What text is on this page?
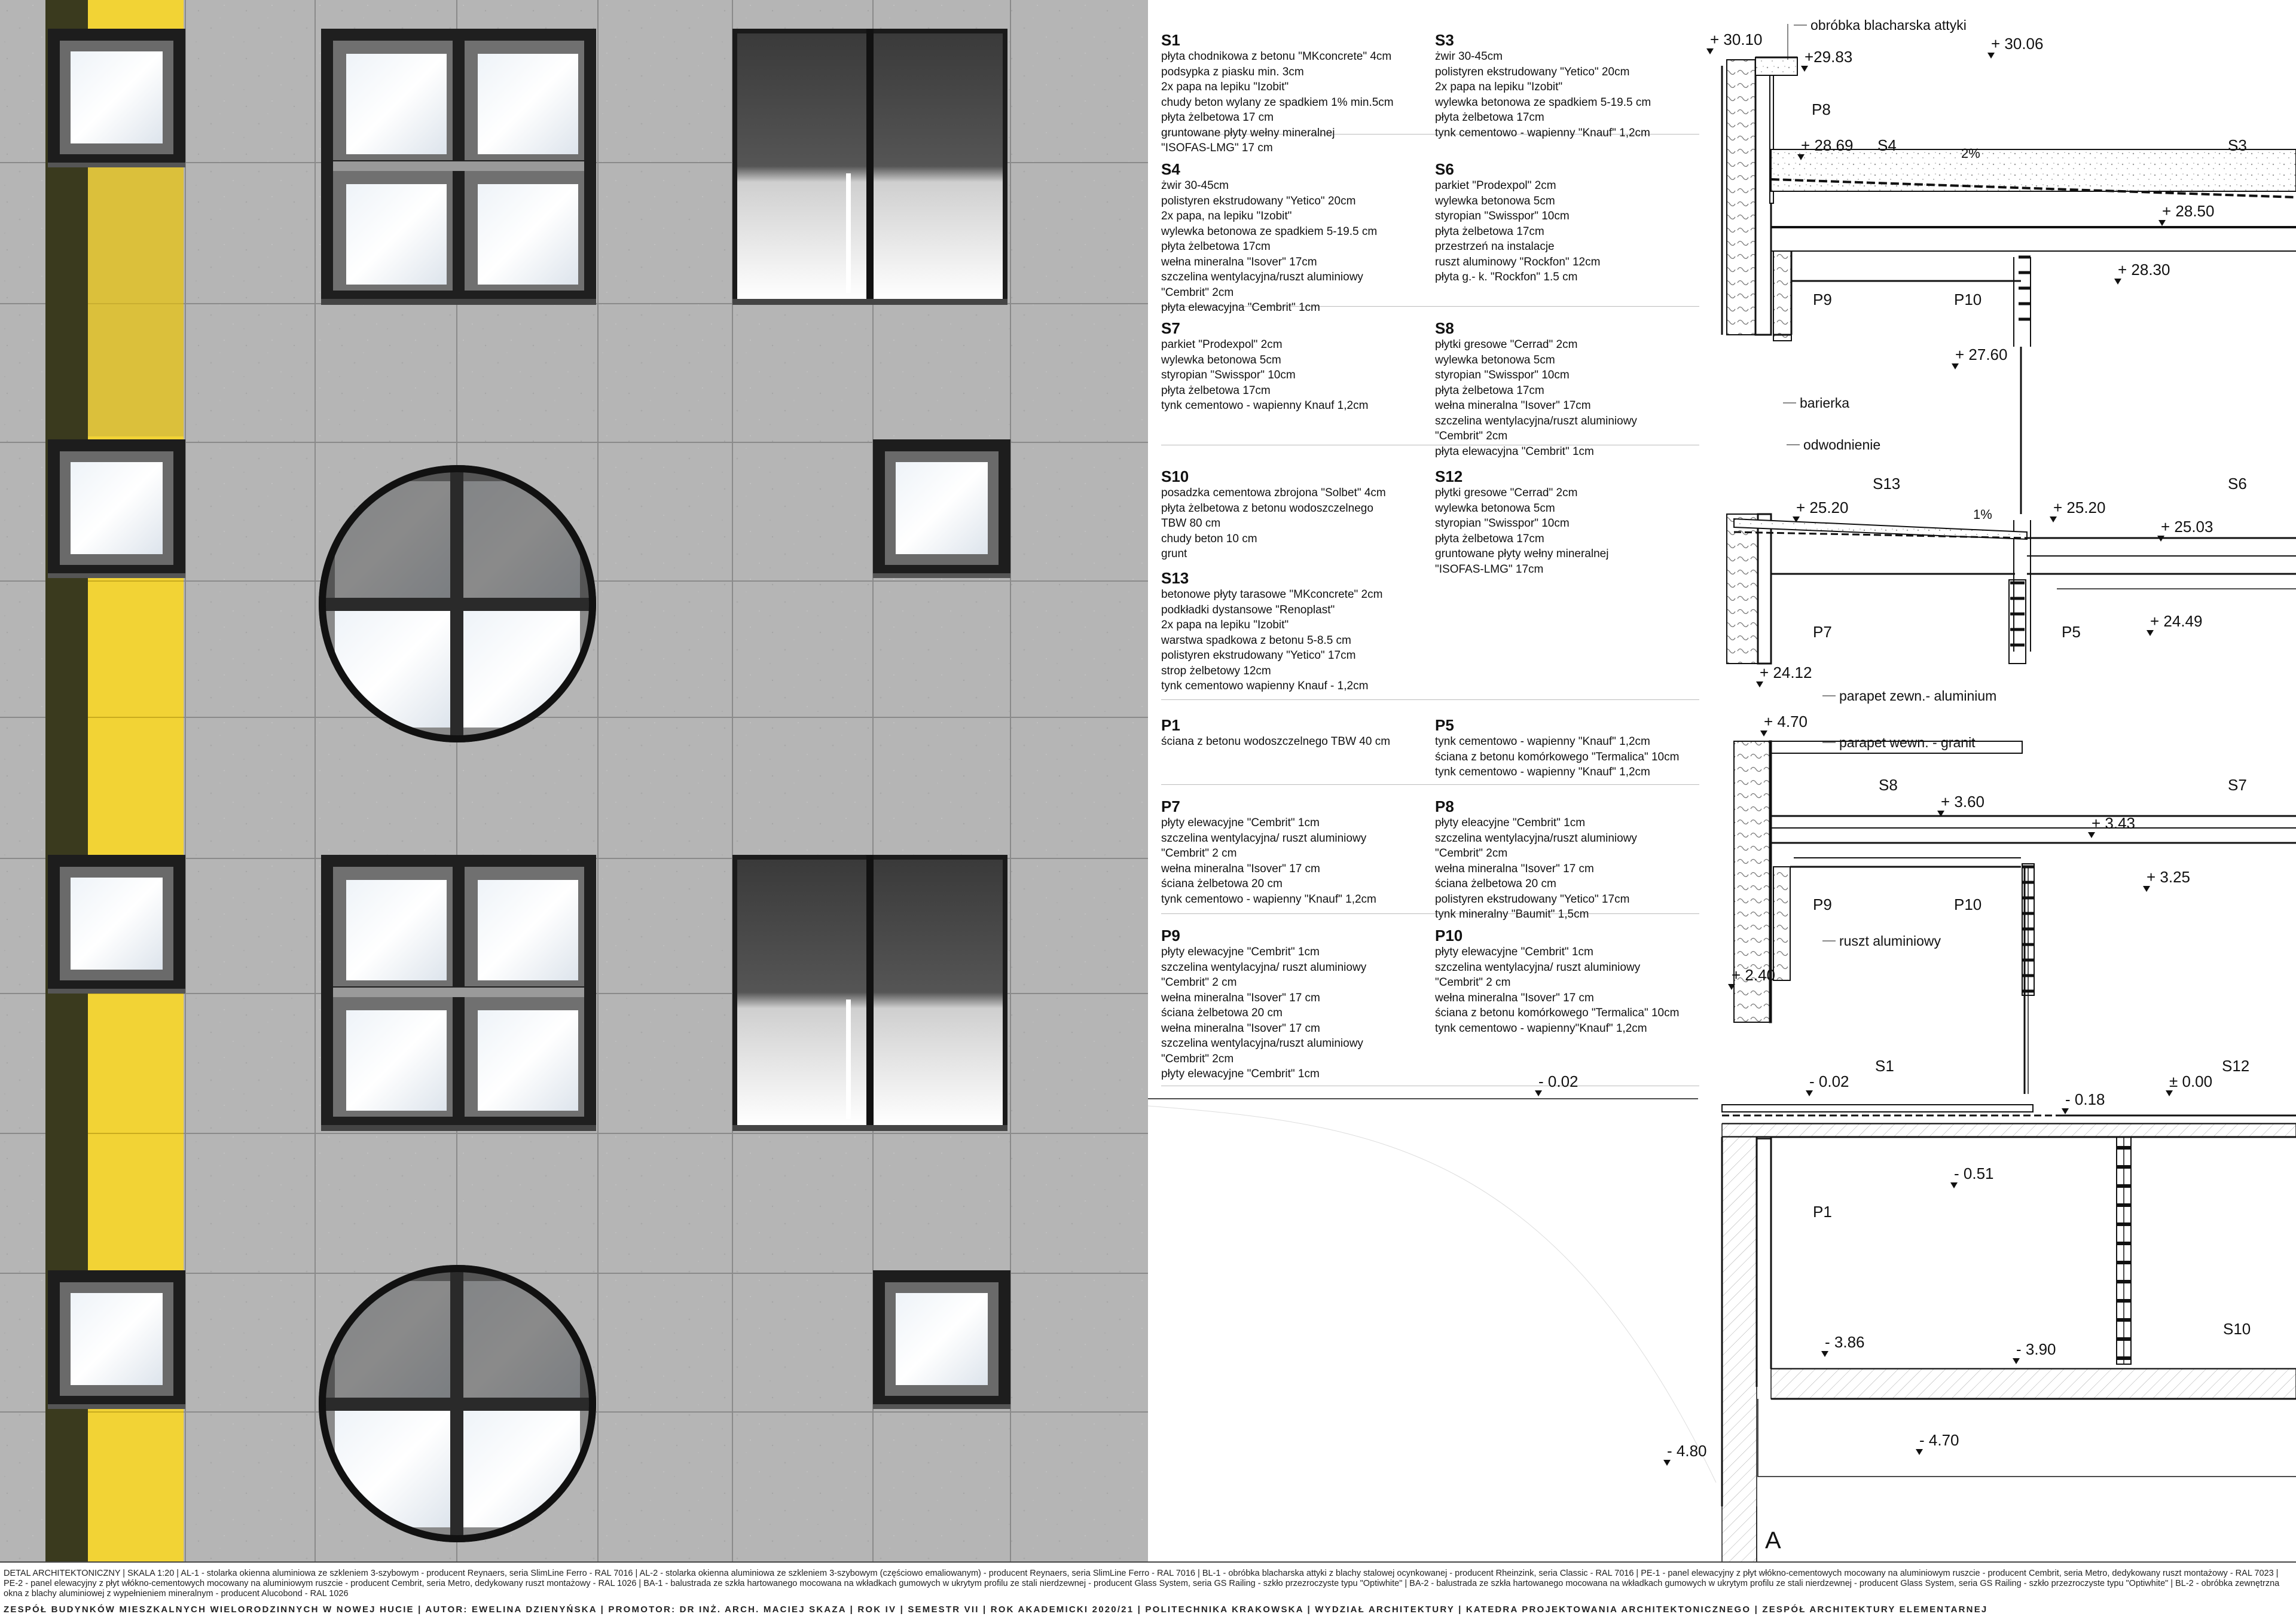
S1
płyta chodnikowa z betonu "MKconcrete" 4cm
podsypka z piasku min. 3cm
2x papa na lepiku "Izobit"
chudy beton wylany ze spadkiem 1% min.5cm
płyta żelbetowa 17 cm
gruntowane płyty wełny mineralnej
"ISOFAS-LMG" 17 cm
S3
żwir 30-45cm
polistyren ekstrudowany "Yetico" 20cm
2x papa na lepiku "Izobit"
wylewka betonowa ze spadkiem 5-19.5 cm
płyta żelbetowa 17cm
tynk cementowo - wapienny "Knauf" 1,2cm
S4
żwir 30-45cm
polistyren ekstrudowany "Yetico" 20cm
2x papa, na lepiku "Izobit"
wylewka betonowa ze spadkiem 5-19.5 cm
płyta żelbetowa 17cm
wełna mineralna "Isover" 17cm
szczelina wentylacyjna/ruszt aluminiowy
"Cembrit" 2cm
płyta elewacyjna "Cembrit" 1cm
S6
parkiet "Prodexpol" 2cm
wylewka betonowa 5cm
styropian "Swisspor" 10cm
płyta żelbetowa 17cm
przestrzeń na instalacje
ruszt aluminowy "Rockfon" 12cm
płyta g.- k. "Rockfon" 1.5 cm
S7
parkiet "Prodexpol" 2cm
wylewka betonowa 5cm
styropian "Swisspor" 10cm
płyta żelbetowa 17cm
tynk cementowo - wapienny Knauf 1,2cm
S8
płytki gresowe "Cerrad" 2cm
wylewka betonowa 5cm
styropian "Swisspor" 10cm
płyta żelbetowa 17cm
wełna mineralna "Isover" 17cm
szczelina wentylacyjna/ruszt aluminiowy
"Cembrit" 2cm
płyta elewacyjna "Cembrit" 1cm
S10
posadzka cementowa zbrojona "Solbet" 4cm
płyta żelbetowa z betonu wodoszczelnego
TBW 80 cm
chudy beton 10 cm
grunt
S12
płytki gresowe "Cerrad" 2cm
wylewka betonowa 5cm
styropian "Swisspor" 10cm
płyta żelbetowa 17cm
gruntowane płyty wełny mineralnej
"ISOFAS-LMG" 17cm
S13
betonowe płyty tarasowe "MKconcrete" 2cm
podkładki dystansowe "Renoplast"
2x papa na lepiku "Izobit"
warstwa spadkowa z betonu 5-8.5 cm
polistyren ekstrudowany "Yetico" 17cm
strop żelbetowy 12cm
tynk cementowo wapienny Knauf - 1,2cm
P1
ściana z betonu wodoszczelnego TBW 40 cm
P5
tynk cementowo - wapienny "Knauf" 1,2cm
ściana z betonu komórkowego "Termalica" 10cm
tynk cementowo - wapienny "Knauf" 1,2cm
P7
płyty elewacyjne "Cembrit" 1cm
szczelina wentylacyjna/ ruszt aluminiowy
"Cembrit" 2 cm
wełna mineralna "Isover" 17 cm
ściana żelbetowa 20 cm
tynk cementowo - wapienny "Knauf" 1,2cm
P8
płyty eleacyjne "Cembrit" 1cm
szczelina wentylacyjna/ruszt aluminiowy
"Cembrit" 2cm
wełna mineralna "Isover" 17 cm
ściana żelbetowa 20 cm
polistyren ekstrudowany "Yetico" 17cm
tynk mineralny "Baumit" 1,5cm
P9
płyty elewacyjne "Cembrit" 1cm
szczelina wentylacyjna/ ruszt aluminiowy
"Cembrit" 2 cm
wełna mineralna "Isover" 17 cm
ściana żelbetowa 20 cm
wełna mineralna "Isover" 17 cm
szczelina wentylacyjna/ruszt aluminiowy
"Cembrit" 2cm
płyty elewacyjne "Cembrit" 1cm
P10
płyty elewacyjne "Cembrit" 1cm
szczelina wentylacyjna/ ruszt aluminiowy
"Cembrit" 2 cm
wełna mineralna "Isover" 17 cm
ściana z betonu komórkowego "Termalica" 10cm
tynk cementowo - wapienny"Knauf" 1,2cm
+ 30.10
+29.83
+ 30.06
+ 28.69
+ 28.50
+ 28.30
+ 27.60
+ 25.20	+ 25.20
+ 25.03
+ 24.49
+ 24.12
+ 4.70
+ 3.60
+ 3.43
+ 3.25
+ 2.40
- 0.02	- 0.02
- 0.18
± 0.00
- 0.51
- 3.86	- 3.90
- 4.70
- 4.80
P8
S4	S3
P9	P10
S13	S6
P7	P5
S8	S7
P9	P10
S1	S12
P1
S10
obróbka blacharska attyki
barierka
odwodnienie
parapet zewn.- aluminium
parapet wewn. - granit
ruszt aluminiowy
2%
1%
A
DETAL ARCHITEKTONICZNY | SKALA 1:20 | AL-1 - stolarka okienna aluminiowa ze szkleniem 3-szybowym - producent Reynaers, seria SlimLine Ferro - RAL 7016 | AL-2 - stolarka okienna aluminiowa ze szkleniem 3-szybowym (częściowo emaliowanym) - producent Reynaers, seria SlimLine Ferro - RAL 7016 | BL-1 - obróbka blacharska attyki z blachy stalowej ocynkowanej - producent Rheinzink, seria Classic - RAL 7016 | PE-1 - panel elewacyjny z płyt włókno-cementowych mocowany na aluminiowym ruszcie - producent Cembrit, seria Metro, dedykowany ruszt montażowy - RAL 7023 | PE-2 - panel elewacyjny z płyt włókno-cementowych mocowany na aluminiowym ruszcie - producent Cembrit, seria Metro, dedykowany ruszt montażowy - RAL 1026 | BA-1 - balustrada ze szkła hartowanego mocowana na wkładkach gumowych w ukrytym profilu ze stali nierdzewnej - producent Glass System, seria GS Railing - szkło przezroczyste typu "Optiwhite" | BA-2 - balustrada ze szkła hartowanego mocowana na wkładkach gumowych w ukrytym profilu ze stali nierdzewnej - producent Glass System, seria GS Railing - szkło przezroczyste typu "Optiwhite" | BL-2 - obróbka zewnętrzna okna z blachy aluminiowej z wypełnieniem mineralnym - producent Alucobond - RAL 1026
ZESPÓŁ BUDYNKÓW MIESZKALNYCH WIELORODZINNYCH W NOWEJ HUCIE | AUTOR: EWELINA DZIENYŃSKA | PROMOTOR: DR INŻ. ARCH. MACIEJ SKAZA | ROK IV | SEMESTR VII | ROK AKADEMICKI 2020/21 | POLITECHNIKA KRAKOWSKA | WYDZIAŁ ARCHITEKTURY | KATEDRA PROJEKTOWANIA ARCHITEKTONICZNEGO | ZESPÓŁ ARCHITEKTURY ELEMENTARNEJ
